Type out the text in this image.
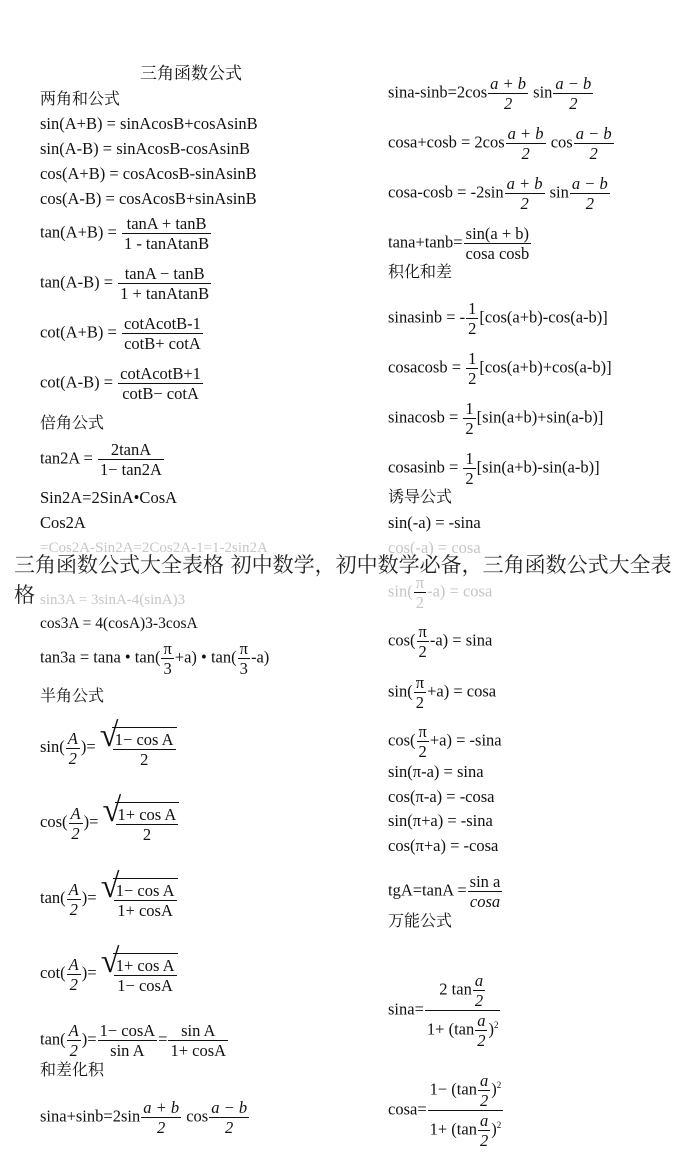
三角函数公式
两角和公式
sin(A+B) = sinAcosB+cosAsinB
sin(A-B) = sinAcosB-cosAsinB
cos(A+B) = cosAcosB-sinAsinB
cos(A-B) = cosAcosB+sinAsinB
$\tan(A+B) = \frac{\tan A + \tan B}{\text{1 - tanAtanB}}$
$\tan(A-B) = \frac{\tan A - \tan B}{\text{1 + tanAtanB}}$
$\cot(A+B) = \frac{\text{cotAcotB-1}}{\cot B+ \cot A}$
$\cot(A-B) = \frac{\text{cotAcotB+1}}{\cot B- \cot A}$
倍角公式
$\tan 2A = \frac{2\tan A}{1- \tan 2A}$
Sin2A=2SinA•CosA
Cos2A
=Cos2A-Sin2A=2Cos2A-1=1-2sin2A
sin3A = 3sinA-4(sinA)3
cos3A = 4(cosA)3-3cosA
tan3a = tana • $\tan( \frac{\pi}{3} +a)$ • $\tan( \frac{\pi}{3} -a)$
半角公式
$\sin( \frac{A}{2}$ )= √ $\frac{\text{1− cos A}}{2}$
$\cos( \frac{A}{2}$ )= √ $\frac{\text{1+ cos A}}{2}$
$\tan( \frac{A}{2}$ )= √ $\frac{\text{1− cos A}}{1+ \cos A}$
$\cot( \frac{A}{2}$ )= √ $\frac{\text{1+ cos A}}{1- \cos A}$
$\tan( \frac{A}{2}$ )= $\frac{1- \cos A}{\text{sin A}} = \frac{\text{sin A}}{1+ \cos A}$
和差化积
$\sin a+\sin b=2\sin \frac{a + b}{2}$ $\cos \frac{a - b}{2}$
$\sin a-\sin b=2\cos \frac{a + b}{2}$ $\sin \frac{a - b}{2}$
$\cos a+\cos b = 2\cos \frac{a + b}{2}$ $\cos \frac{a - b}{2}$
$\cos a-\cos b = -2\sin \frac{a + b}{2}$ $\sin \frac{a - b}{2}$
$\tan a+\tan b= \frac{\sin(a + b)}{\text{cosa cosb}}$
积化和差
sinasinb = - $\frac{1}{2} [\cos(a+b)-\cos(a-b)]$
cosacosb = $\frac{1}{2} [\cos(a+b)+\cos(a-b)]$
sinacosb = $\frac{1}{2} [\sin(a+b)+\sin(a-b)]$
cosasinb = $\frac{1}{2} [\sin(a+b)-\sin(a-b)]$
诱导公式
sin(-a) = -sina
cos(-a) = cosa
$\sin( \frac{\pi}{2} -a) = \cos a$
$\cos( \frac{\pi}{2} -a) = \sin a$
$\sin( \frac{\pi}{2} +a) = \cos a$
$\cos( \frac{\pi}{2} +a) = -\sin a$
sin(π-a) = sina
cos(π-a) = -cosa
sin(π+a) = -sina
cos(π+a) = -cosa
$tgA=\tan A = \frac{\text{sin a}}{\cos a}$
万能公式
$\sin a= \frac{2 \tan \frac{a}{2}}{1+ (\tan \frac{a}{2} )^2}$
$\cos a= \frac{1- (\tan \frac{a}{2} )^2}{1+ (\tan \frac{a}{2} )^2}$
三角函数公式大全表格 初中数学，初中数学必备，三角函数公式大全表格
